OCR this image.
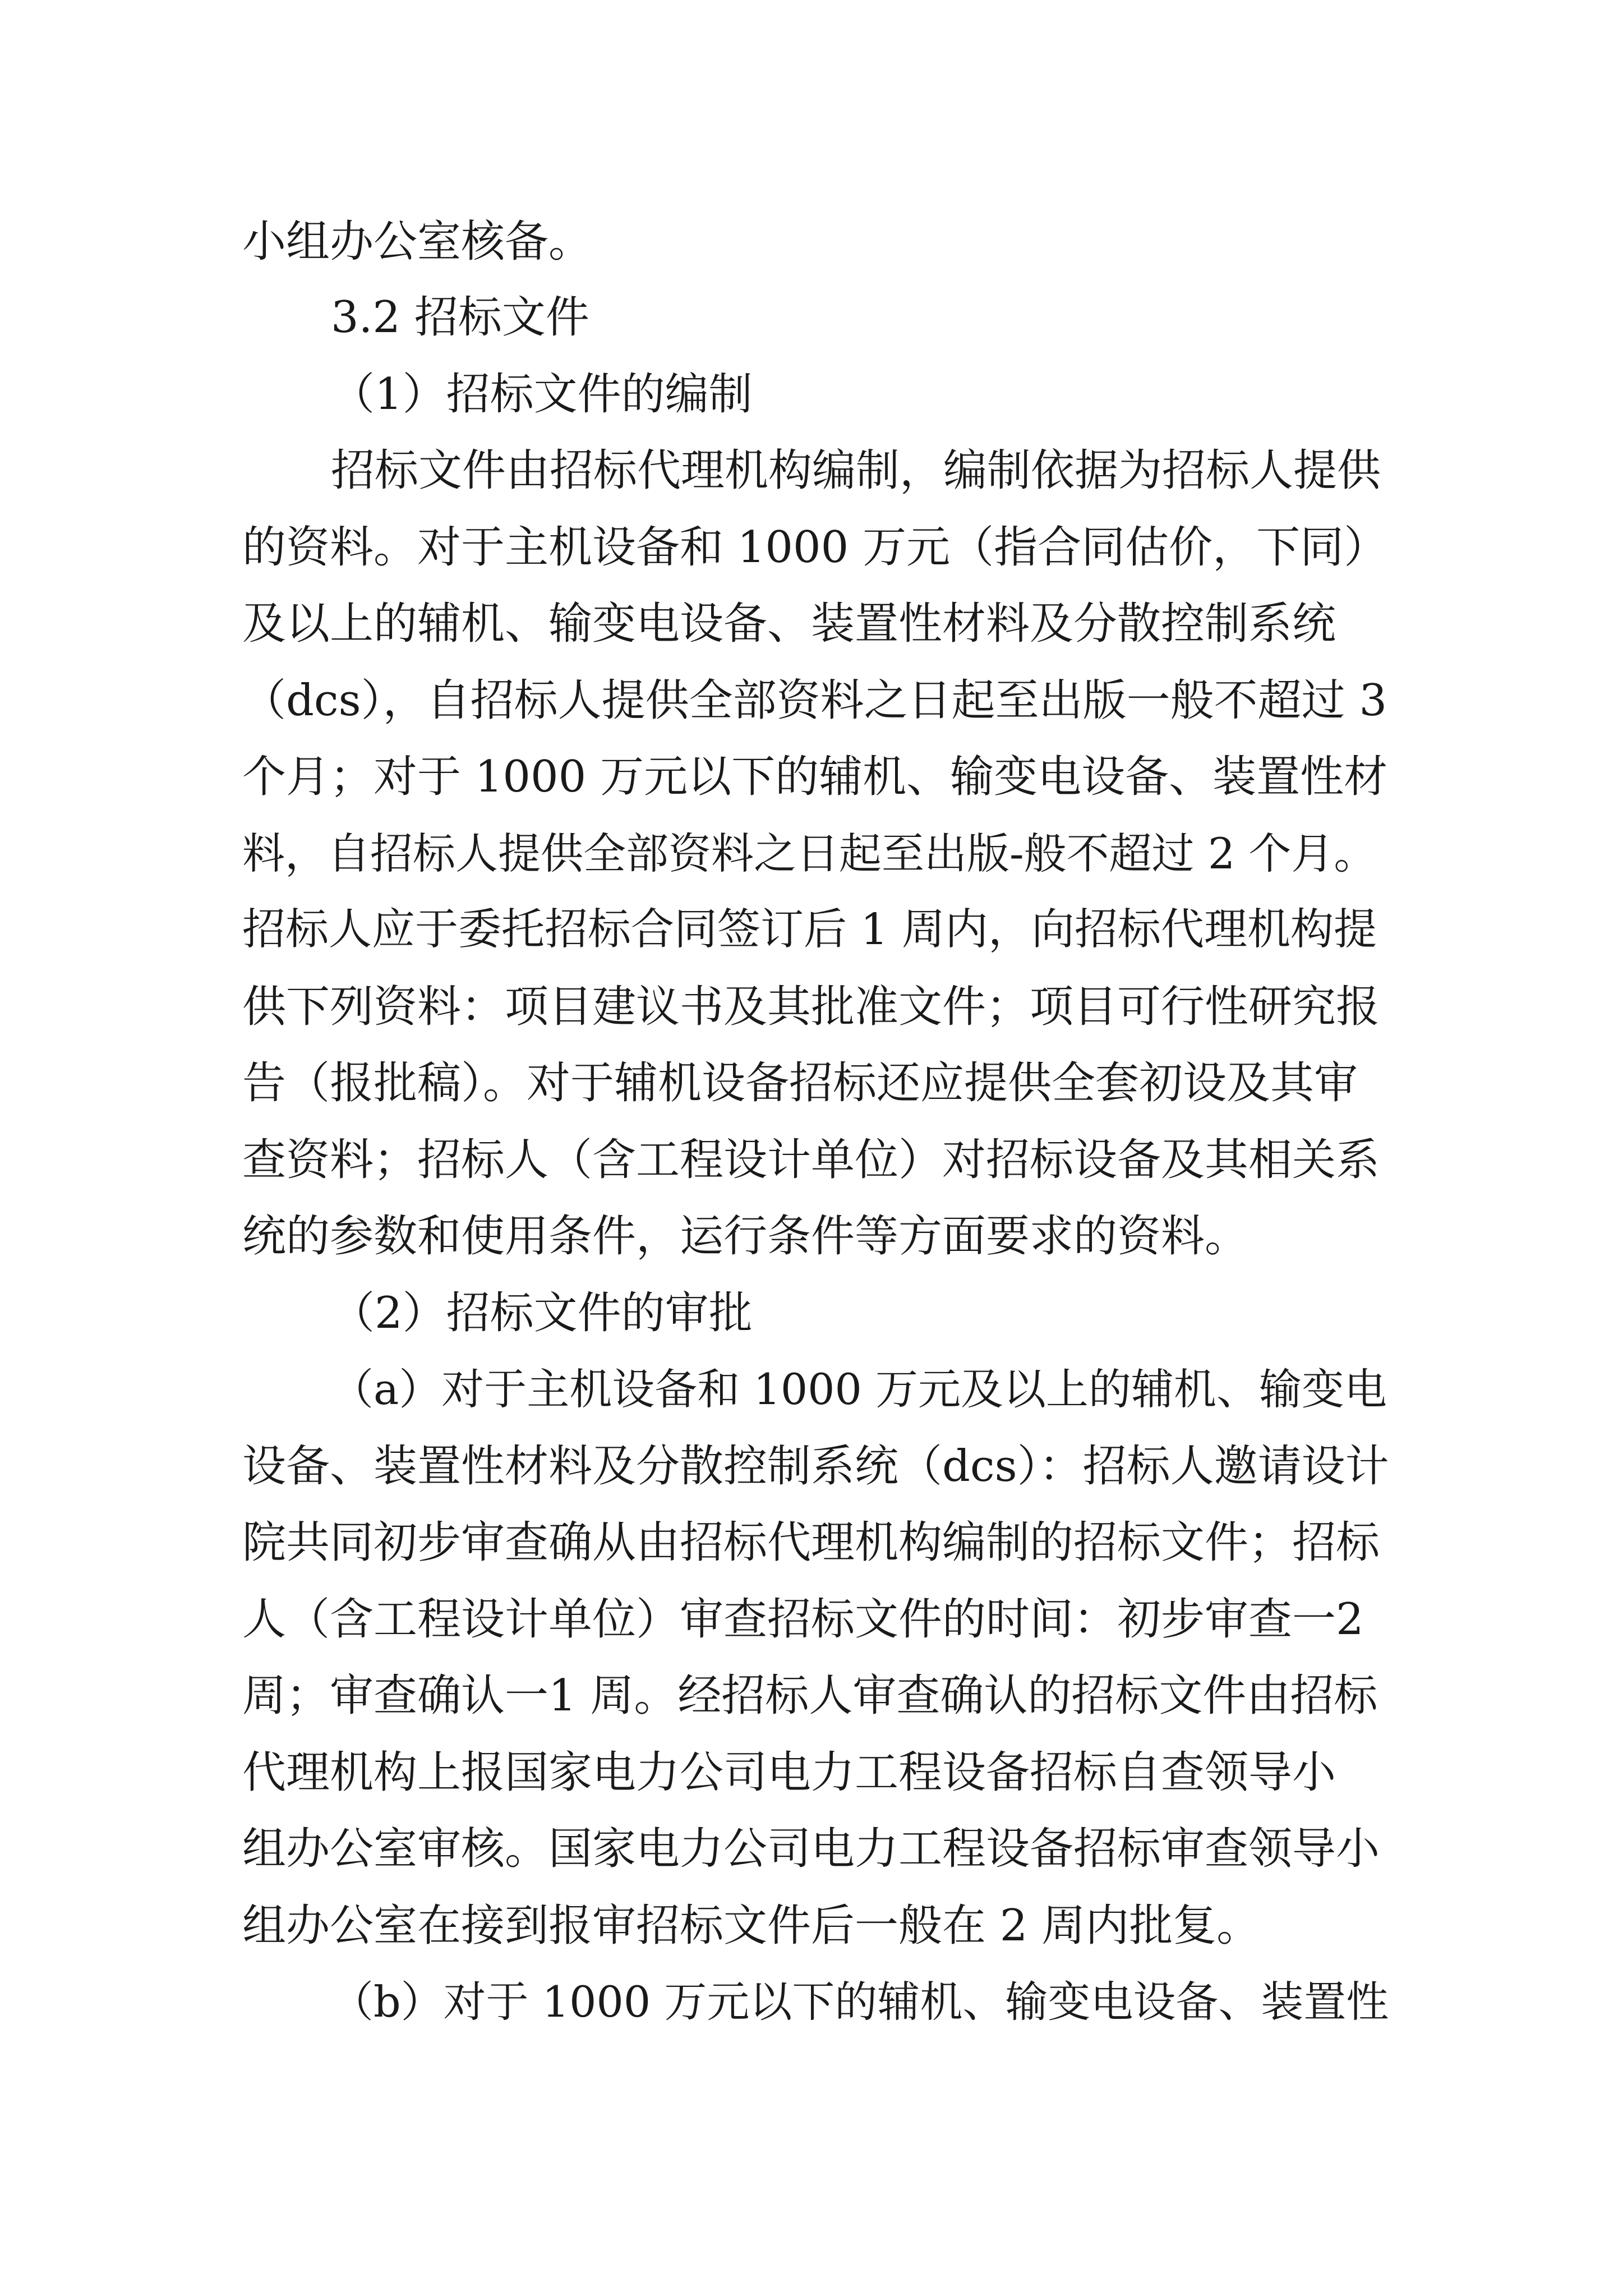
小组办公室核备。

3.2 招标文件

（1）招标文件的编制

招标文件由招标代理机构编制，编制依据为招标人提供

的资料。对于主机设备和 1000 万元（指合同估价，下同）

及以上的辅机、输变电设备、装置性材料及分散控制系统

（dcs），自招标人提供全部资料之日起至出版一般不超过 3

个月；对于 1000 万元以下的辅机、输变电设备、装置性材

料，自招标人提供全部资料之日起至出版-般不超过 2 个月。

招标人应于委托招标合同签订后 1 周内，向招标代理机构提

供下列资料：项目建议书及其批准文件；项目可行性研究报

告（报批稿）。对于辅机设备招标还应提供全套初设及其审

查资料；招标人（含工程设计单位）对招标设备及其相关系

统的参数和使用条件，运行条件等方面要求的资料。

（2）招标文件的审批

（a）对于主机设备和 1000 万元及以上的辅机、输变电

设备、装置性材料及分散控制系统（dcs）：招标人邀请设计

院共同初步审查确从由招标代理机构编制的招标文件；招标

人（含工程设计单位）审查招标文件的时间：初步审查一2

周；审查确认一1 周。经招标人审查确认的招标文件由招标

代理机构上报国家电力公司电力工程设备招标自查领导小

组办公室审核。国家电力公司电力工程设备招标审查领导小

组办公室在接到报审招标文件后一般在 2 周内批复。

（b）对于 1000 万元以下的辅机、输变电设备、装置性
